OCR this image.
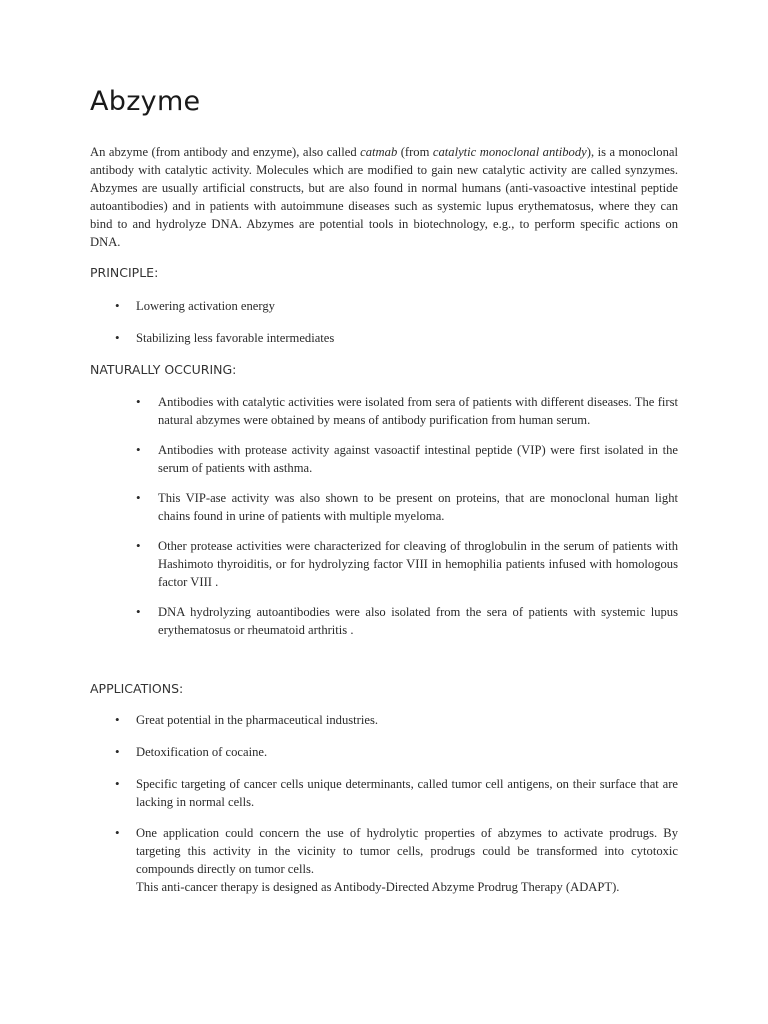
Abzyme

An abzyme (from antibody and enzyme), also called catmab (from catalytic monoclonal antibody), is a monoclonal antibody with catalytic activity. Molecules which are modified to gain new catalytic activity are called synzymes. Abzymes are usually artificial constructs, but are also found in normal humans (anti-vasoactive intestinal peptide autoantibodies) and in patients with autoimmune diseases such as systemic lupus erythematosus, where they can bind to and hydrolyze DNA. Abzymes are potential tools in biotechnology, e.g., to perform specific actions on DNA.

PRINCIPLE:
• Lowering activation energy
• Stabilizing less favorable intermediates
NATURALLY OCCURING:
• Antibodies with catalytic activities were isolated from sera of patients with different diseases. The first natural abzymes were obtained by means of antibody purification from human serum.
• Antibodies with protease activity against vasoactif intestinal peptide (VIP) were first isolated in the serum of patients with asthma.
• This VIP-ase activity was also shown to be present on proteins, that are monoclonal human light chains found in urine of patients with multiple myeloma.
• Other protease activities were characterized for cleaving of throglobulin in the serum of patients with Hashimoto thyroiditis, or for hydrolyzing factor VIII in hemophilia patients infused with homologous factor VIII .
• DNA hydrolyzing autoantibodies were also isolated from the sera of patients with systemic lupus erythematosus or rheumatoid arthritis .
APPLICATIONS:
• Great potential in the pharmaceutical industries.
• Detoxification of cocaine.
• Specific targeting of cancer cells unique determinants, called tumor cell antigens, on their surface that are lacking in normal cells.
• One application could concern the use of hydrolytic properties of abzymes to activate prodrugs. By targeting this activity in the vicinity to tumor cells, prodrugs could be transformed into cytotoxic compounds directly on tumor cells.
This anti-cancer therapy is designed as Antibody-Directed Abzyme Prodrug Therapy (ADAPT).
